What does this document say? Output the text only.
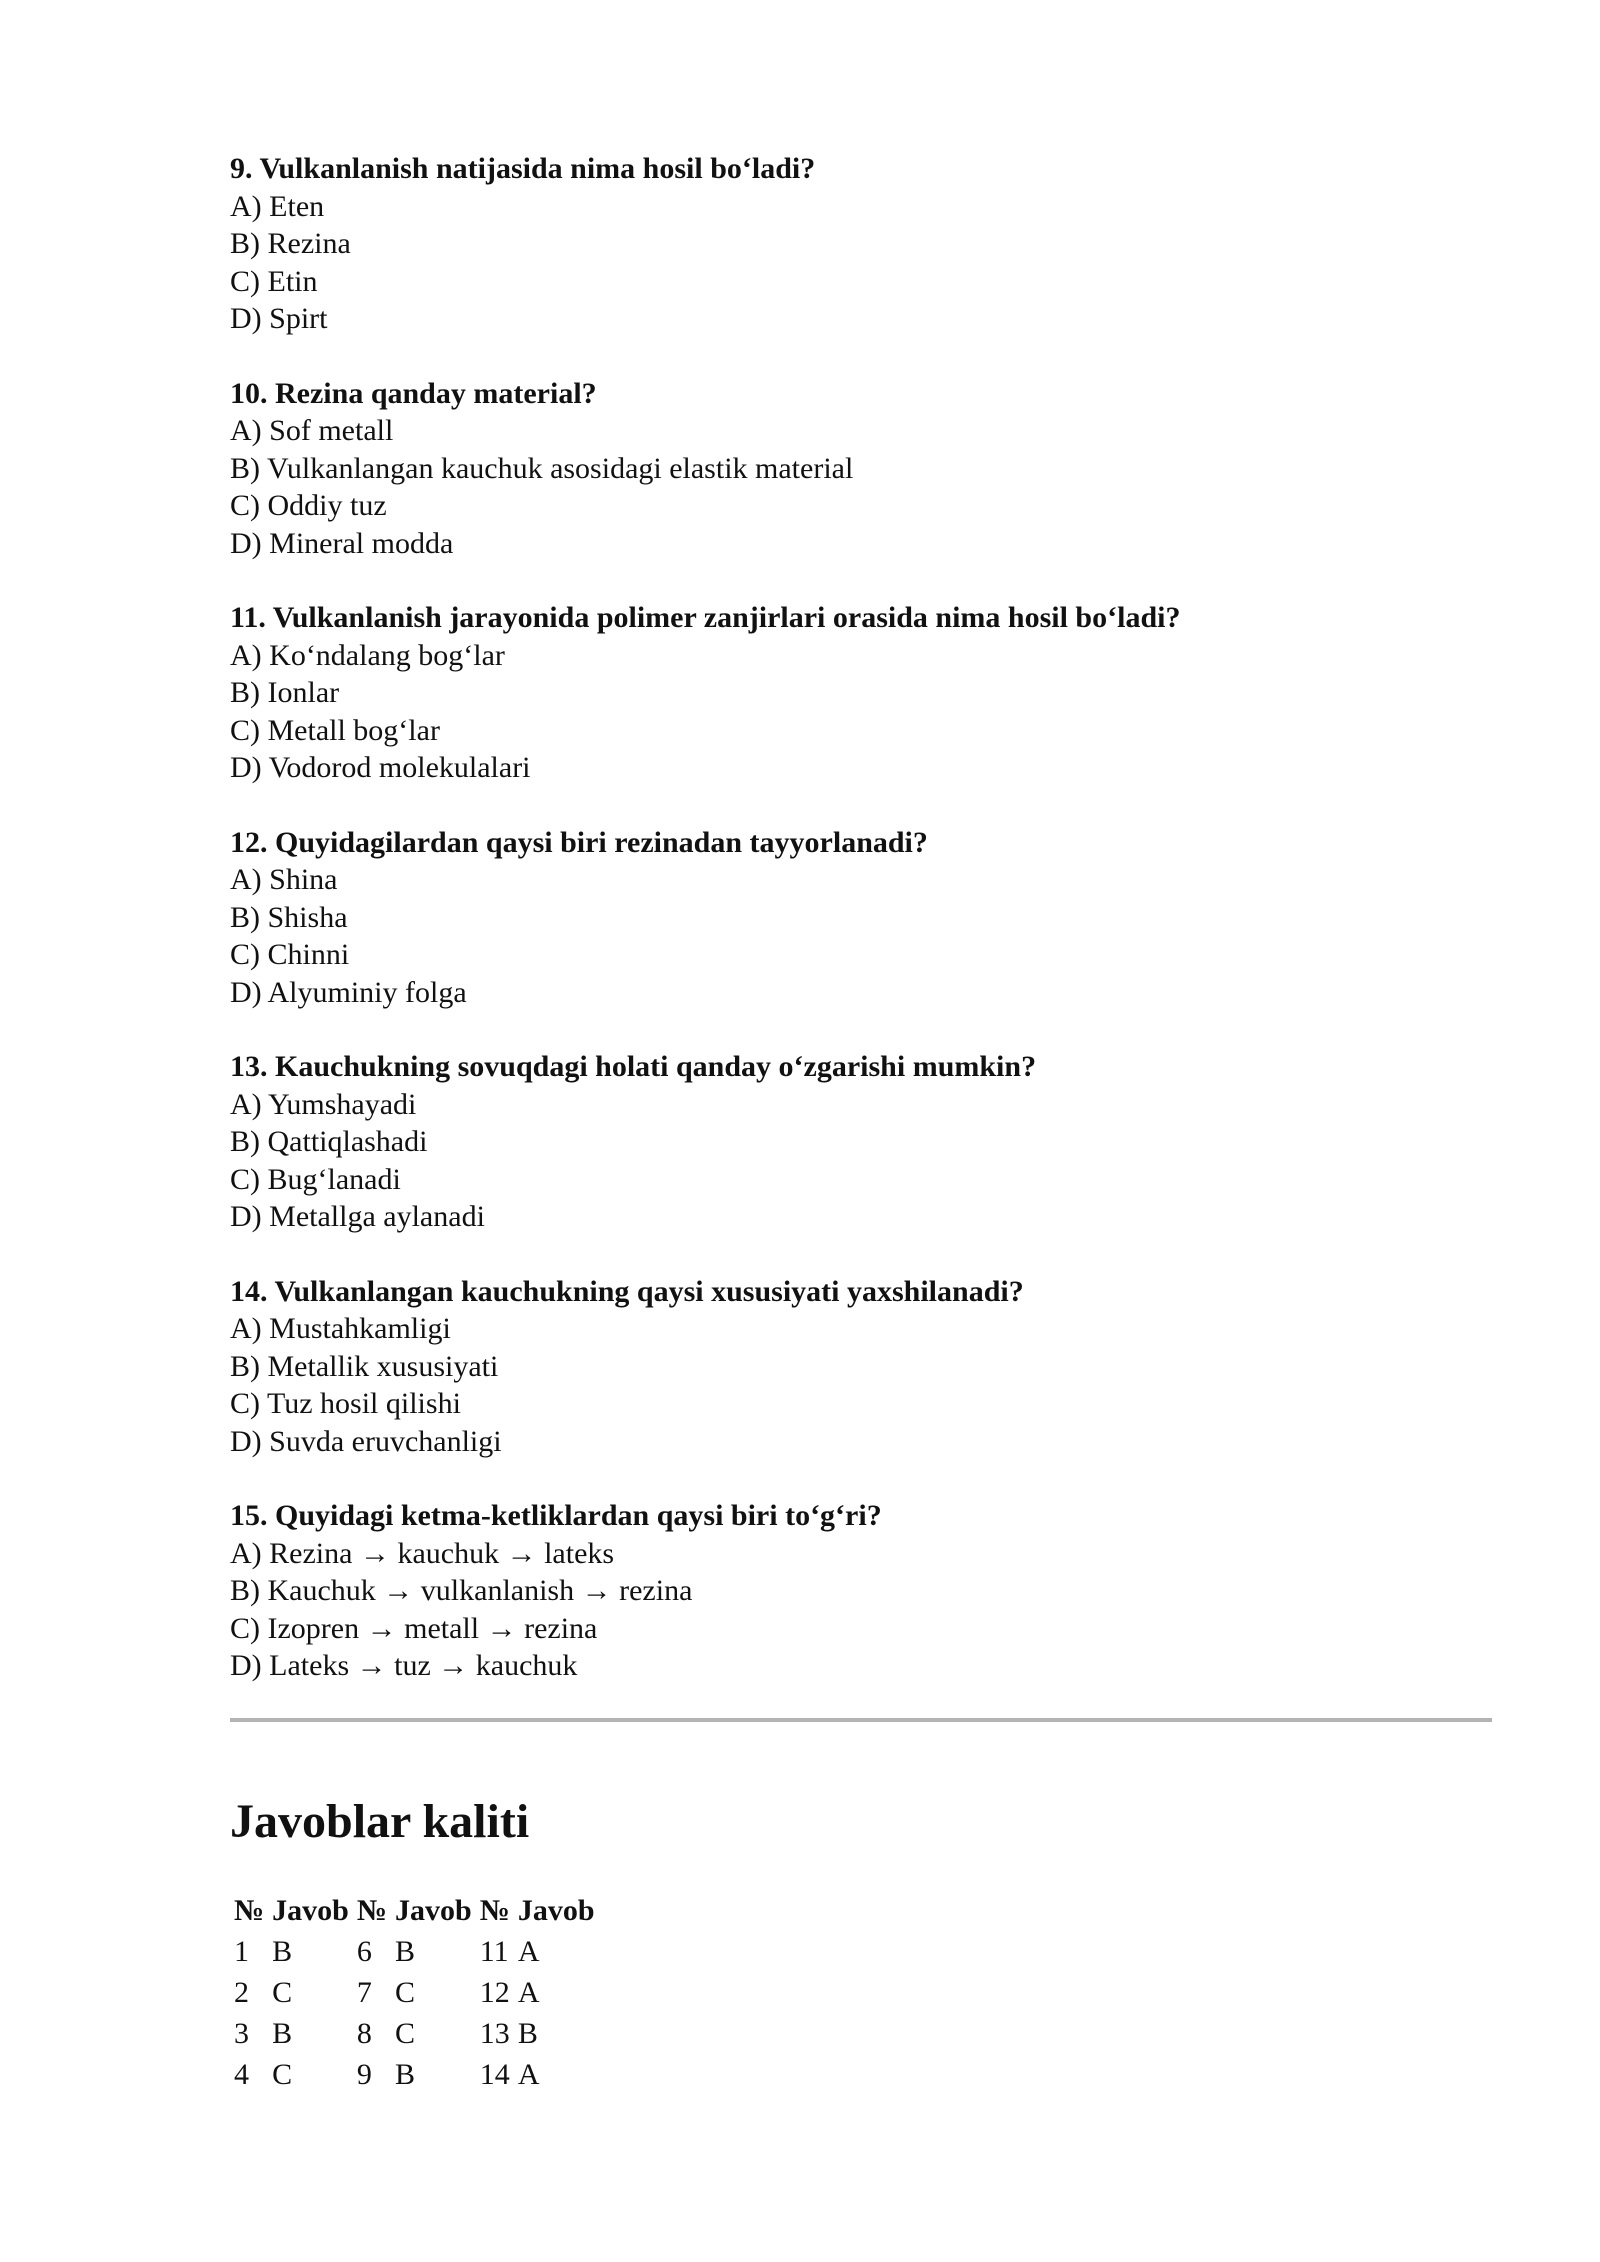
9. Vulkanlanish natijasida nima hosil boʻladi?

A) Eten

B) Rezina

C) Etin

D) Spirt

10. Rezina qanday material?

A) Sof metall

B) Vulkanlangan kauchuk asosidagi elastik material

C) Oddiy tuz

D) Mineral modda

11. Vulkanlanish jarayonida polimer zanjirlari orasida nima hosil boʻladi?

A) Koʻndalang bogʻlar

B) Ionlar

C) Metall bogʻlar

D) Vodorod molekulalari

12. Quyidagilardan qaysi biri rezinadan tayyorlanadi?

A) Shina

B) Shisha

C) Chinni

D) Alyuminiy folga

13. Kauchukning sovuqdagi holati qanday oʻzgarishi mumkin?

A) Yumshayadi

B) Qattiqlashadi

C) Bugʻlanadi

D) Metallga aylanadi

14. Vulkanlangan kauchukning qaysi xususiyati yaxshilanadi?

A) Mustahkamligi

B) Metallik xususiyati

C) Tuz hosil qilishi

D) Suvda eruvchanligi

15. Quyidagi ketma-ketliklardan qaysi biri toʻgʻri?

A) Rezina → kauchuk → lateks

B) Kauchuk → vulkanlanish → rezina

C) Izopren → metall → rezina

D) Lateks → tuz → kauchuk

Javoblar kaliti
№	Javob	№	Javob	№	Javob
1	B	6	B	11	A
2	C	7	C	12	A
3	B	8	C	13	B
4	C	9	B	14	A
